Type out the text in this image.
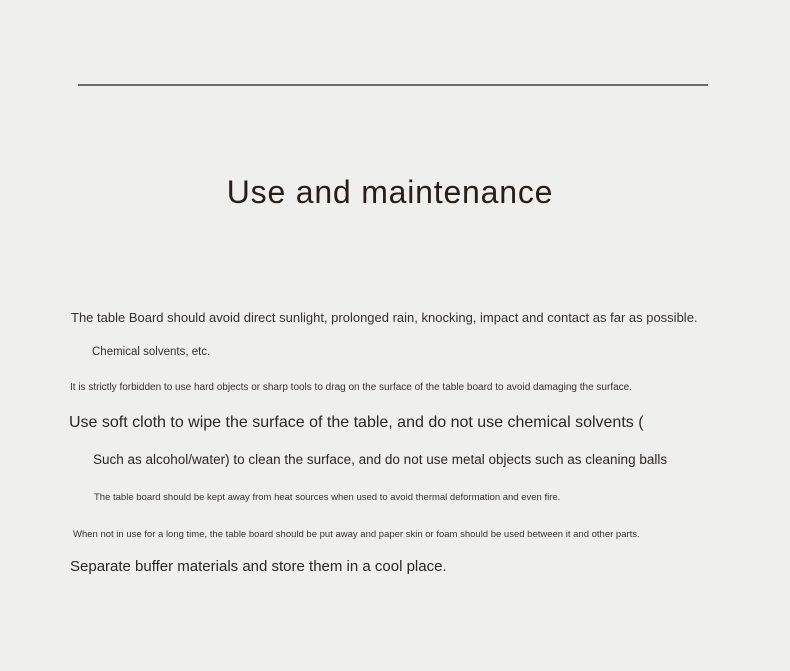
Use and maintenance
The table Board should avoid direct sunlight, prolonged rain, knocking, impact and contact as far as possible.
Chemical solvents, etc.
It is strictly forbidden to use hard objects or sharp tools to drag on the surface of the table board to avoid damaging the surface.
Use soft cloth to wipe the surface of the table, and do not use chemical solvents (
Such as alcohol/water) to clean the surface, and do not use metal objects such as cleaning balls
The table board should be kept away from heat sources when used to avoid thermal deformation and even fire.
When not in use for a long time, the table board should be put away and paper skin or foam should be used between it and other parts.
Separate buffer materials and store them in a cool place.
